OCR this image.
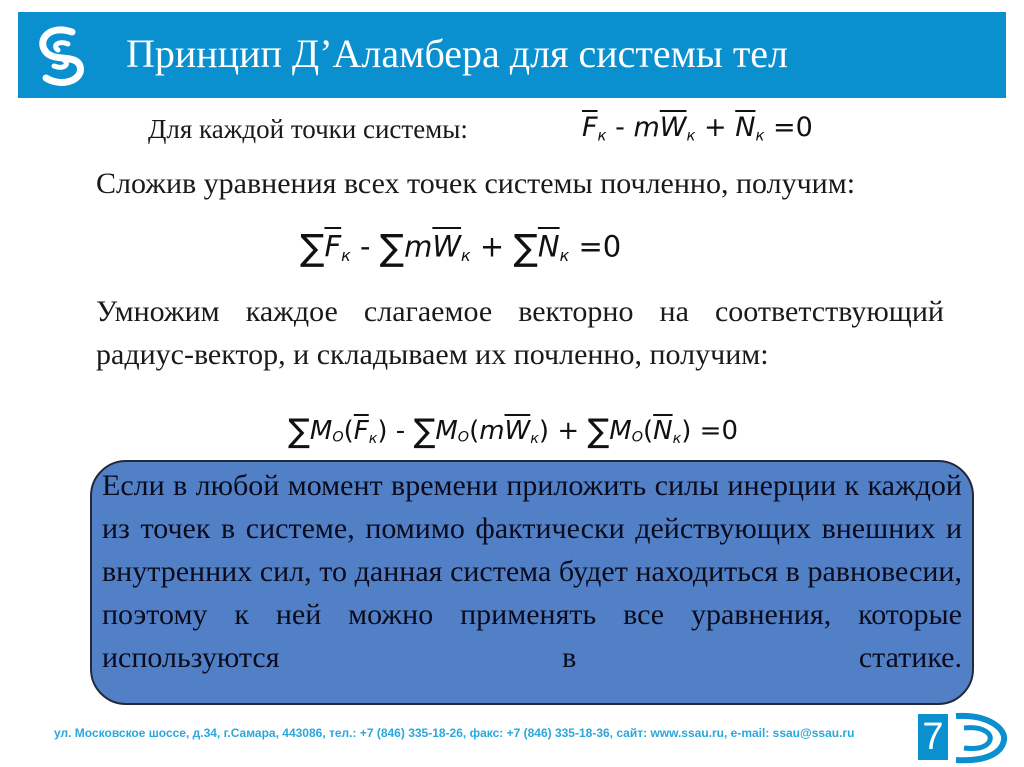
Принцип Д’Аламбера для системы тел
Для каждой точки системы:	$\overline{F}_к - m\overline{W}_к + \overline{N}_к =0$
Сложив уравнения всех точек системы почленно, получим:
$\sum\overline{F}_к - \sum m\overline{W}_к + \sum\overline{N}_к =0$
Умножим каждое слагаемое векторно на соответствующий радиус-вектор, и складываем их почленно, получим:
$\sum MO(\overline{F}_к) - \sum MO(m\overline{W}_к) + \sum MO(\overline{N}_к) =0$
Если в любой момент времени приложить силы инерции к каждой из точек в системе, помимо фактически действующих внешних и внутренних сил, то данная система будет находиться в равновесии, поэтому к ней можно применять все уравнения, которые используются в статике.
ул. Московское шоссе, д.34, г.Самара, 443086, тел.: +7 (846) 335-18-26, факс: +7 (846) 335-18-36, сайт: www.ssau.ru, e-mail: ssau@ssau.ru 7
